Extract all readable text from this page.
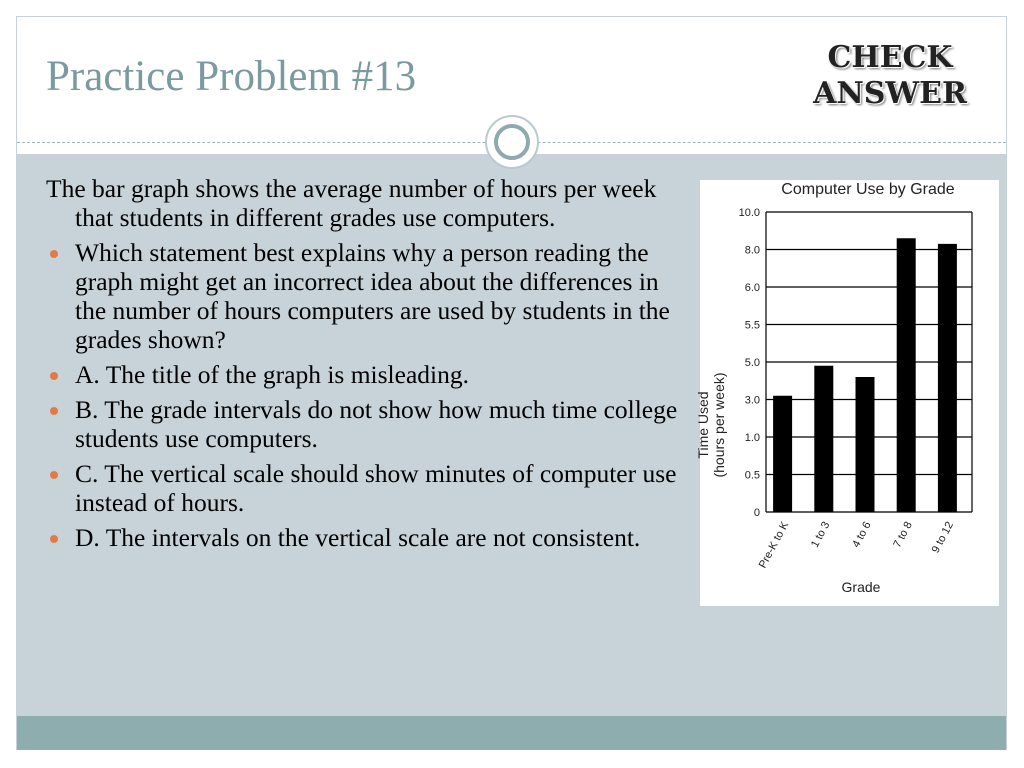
Practice Problem #13	CHECK
ANSWER

The bar graph shows the average number of hours per week that students in different grades use computers.

Which statement best explains why a person reading the graph might get an incorrect idea about the differences in the number of hours computers are used by students in the grades shown?
A. The title of the graph is misleading.
B. The grade intervals do not show how much time college students use computers.
C. The vertical scale should show minutes of computer use instead of hours.
D. The intervals on the vertical scale are not consistent.
Computer Use by Grade
0
0.5
1.0
3.0
5.0
5.5
6.0
8.0
10.0
Pre-K to K 1 to 3 4 to 6 7 to 8 9 to 12
Time Used (hours per week)
Grade
